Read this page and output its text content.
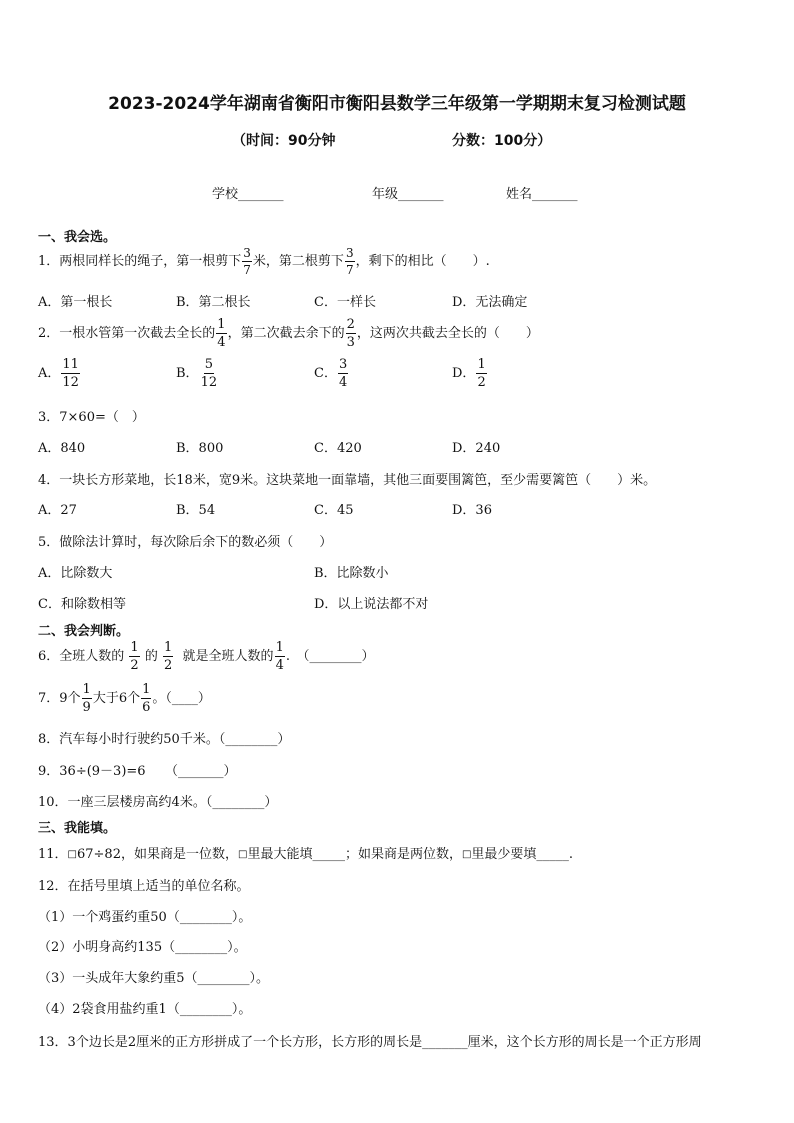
2023-2024学年湖南省衡阳市衡阳县数学三年级第一学期期末复习检测试题
（时间：90分钟	分数：100分）
学校_______	年级_______	姓名_______
一、我会选。
1．两根同样长的绳子，第一根剪下 $\frac{3}{7}$ 米，第二根剪下 $\frac{3}{7}$ ，剩下的相比（　　）.
A．第一根长	B．第二根长	C．一样长	D．无法确定
2．一根水管第一次截去全长的 $\frac{1}{4}$ ，第二次截去余下的 $\frac{2}{3}$ ，这两次共截去全长的（　　）
A． $\frac{11}{12}$	B． $\frac{5}{12}$	C． $\frac{3}{4}$	D． $\frac{1}{2}$
3．7×60=（　）
A．840	B．800	C．420	D．240
4．一块长方形菜地，长18米，宽9米。这块菜地一面靠墙，其他三面要围篱笆，至少需要篱笆（　　）米。
A．27	B．54	C．45	D．36
5．做除法计算时，每次除后余下的数必须（　　）
A．比除数大	B．比除数小
C．和除数相等	D．以上说法都不对
二、我会判断。
6．全班人数的 $\frac{1}{2}$ 的 $\frac{1}{2}$ 就是全班人数的 $\frac{1}{4}$ .　（________）
7．9个 $\frac{1}{9}$ 大于6个 $\frac{1}{6}$ 。（____）
8．汽车每小时行驶约50千米。（________）
9．36÷(9－3)=6　　（_______）
10．一座三层楼房高约4米。（________）
三、我能填。
11．□67÷82，如果商是一位数，□里最大能填_____；如果商是两位数，□里最少要填_____.
12．在括号里填上适当的单位名称。
（1）一个鸡蛋约重50（________）。
（2）小明身高约135（________）。
（3）一头成年大象约重5（________）。
（4）2袋食用盐约重1（________）。
13．3个边长是2厘米的正方形拼成了一个长方形，长方形的周长是_______厘米，这个长方形的周长是一个正方形周
